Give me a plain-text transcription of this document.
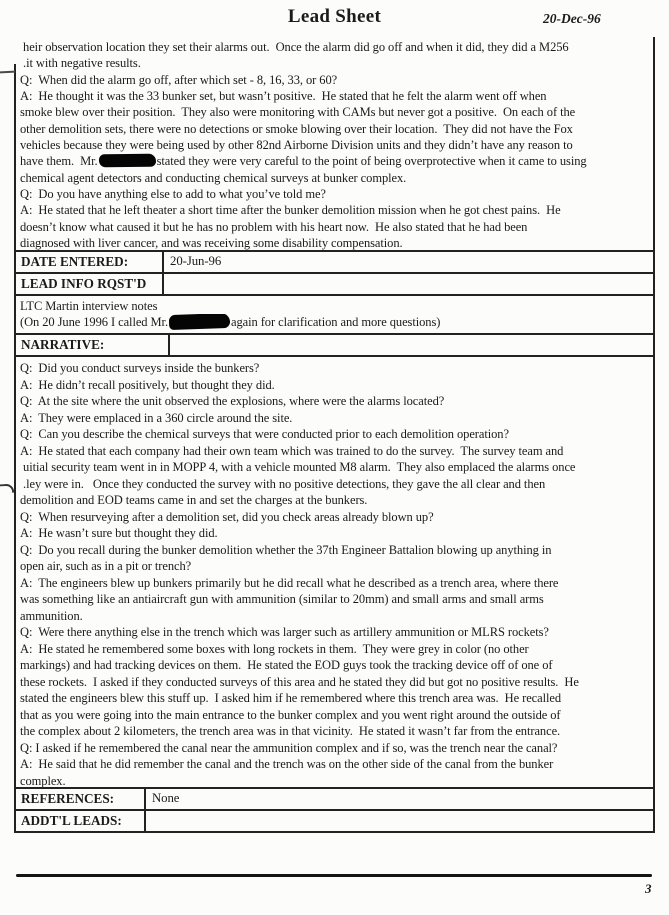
Lead Sheet	20-Dec-96
heir observation location they set their alarms out.  Once the alarm did go off and when it did, they did a M256
.it with negative results.
Q:  When did the alarm go off, after which set - 8, 16, 33, or 60?
A:  He thought it was the 33 bunker set, but wasn’t positive.  He stated that he felt the alarm went off when
smoke blew over their position.  They also were monitoring with CAMs but never got a positive.  On each of the
other demolition sets, there were no detections or smoke blowing over their location.  They did not have the Fox
vehicles because they were being used by other 82nd Airborne Division units and they didn’t have any reason to
have them.  Mr.	stated they were very careful to the point of being overprotective when it came to using
chemical agent detectors and conducting chemical surveys at bunker complex.
Q:  Do you have anything else to add to what you’ve told me?
A:  He stated that he left theater a short time after the bunker demolition mission when he got chest pains.  He
doesn’t know what caused it but he has no problem with his heart now.  He also stated that he had been
diagnosed with liver cancer, and was receiving some disability compensation.
DATE ENTERED:	20-Jun-96
LEAD INFO RQST'D
LTC Martin interview notes
(On 20 June 1996 I called Mr.	again for clarification and more questions)
NARRATIVE:
Q:  Did you conduct surveys inside the bunkers?
A:  He didn’t recall positively, but thought they did.
Q:  At the site where the unit observed the explosions, where were the alarms located?
A:  They were emplaced in a 360 circle around the site.
Q:  Can you describe the chemical surveys that were conducted prior to each demolition operation?
A:  He stated that each company had their own team which was trained to do the survey.  The survey team and
uitial security team went in in MOPP 4, with a vehicle mounted M8 alarm.  They also emplaced the alarms once
.ley were in.   Once they conducted the survey with no positive detections, they gave the all clear and then
demolition and EOD teams came in and set the charges at the bunkers.
Q:  When resurveying after a demolition set, did you check areas already blown up?
A:  He wasn’t sure but thought they did.
Q:  Do you recall during the bunker demolition whether the 37th Engineer Battalion blowing up anything in
open air, such as in a pit or trench?
A:  The engineers blew up bunkers primarily but he did recall what he described as a trench area, where there
was something like an antiaircraft gun with ammunition (similar to 20mm) and small arms and small arms
ammunition.
Q:  Were there anything else in the trench which was larger such as artillery ammunition or MLRS rockets?
A:  He stated he remembered some boxes with long rockets in them.  They were grey in color (no other
markings) and had tracking devices on them.  He stated the EOD guys took the tracking device off of one of
these rockets.  I asked if they conducted surveys of this area and he stated they did but got no positive results.  He
stated the engineers blew this stuff up.  I asked him if he remembered where this trench area was.  He recalled
that as you were going into the main entrance to the bunker complex and you went right around the outside of
the complex about 2 kilometers, the trench area was in that vicinity.  He stated it wasn’t far from the entrance.
Q: I asked if he remembered the canal near the ammunition complex and if so, was the trench near the canal?
A:  He said that he did remember the canal and the trench was on the other side of the canal from the bunker
complex.
REFERENCES:	None
ADDT'L LEADS:
3
